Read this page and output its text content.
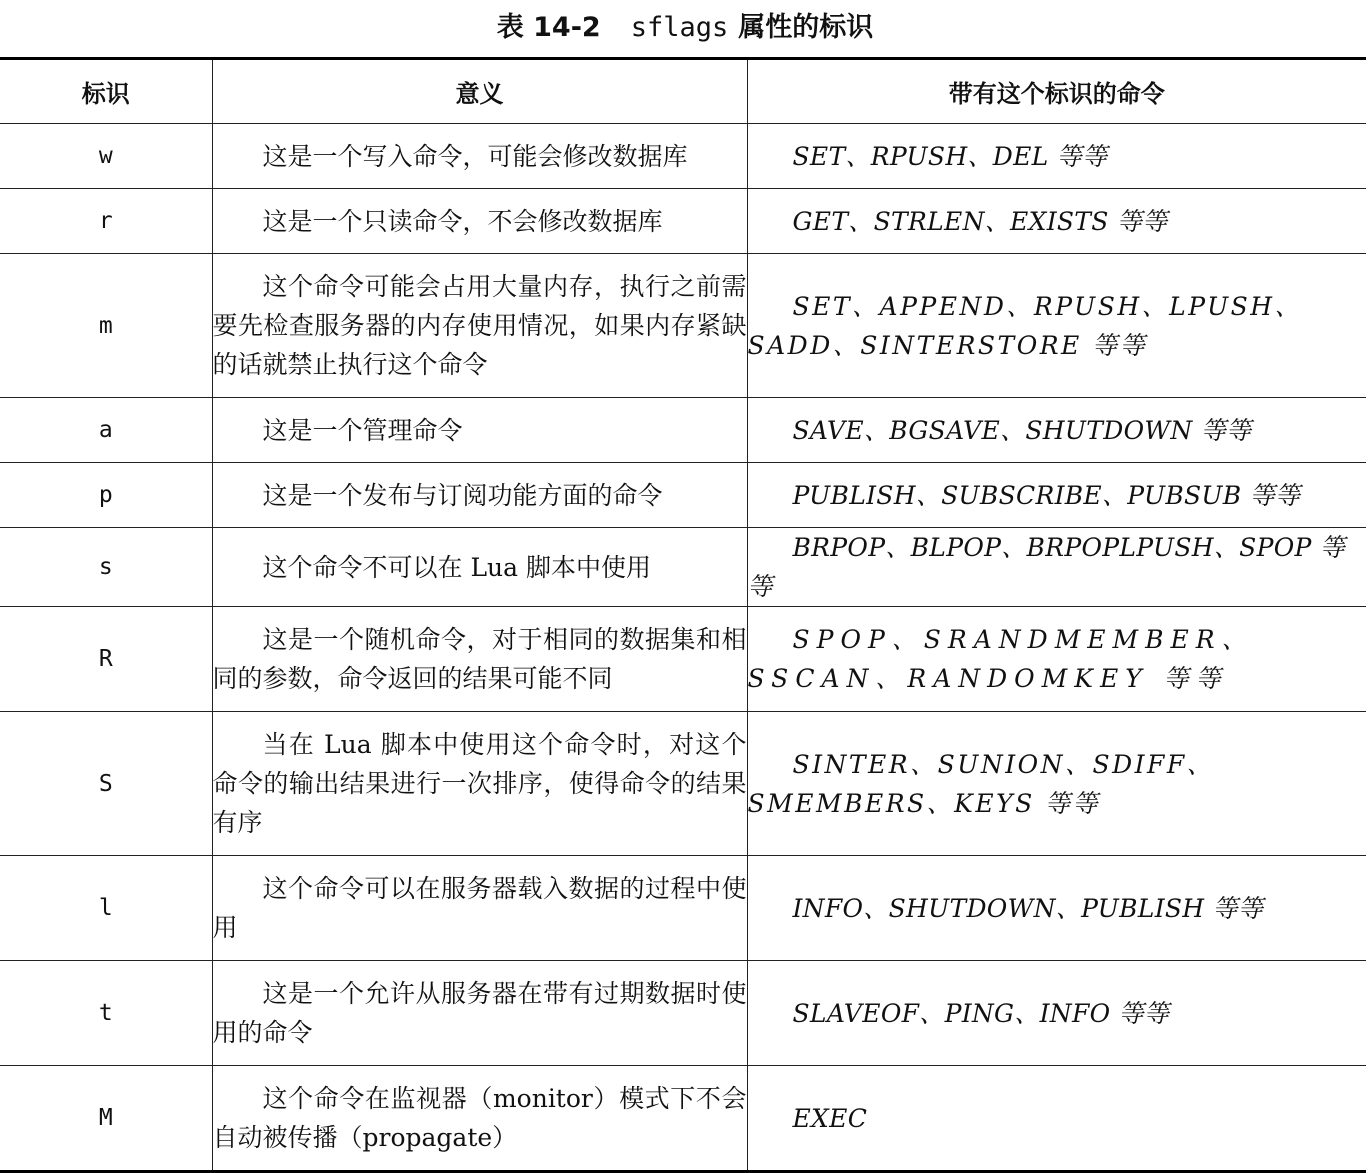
表 14-2 sflags 属性的标识
标识	意义	带有这个标识的命令
w	这是一个写入命令，可能会修改数据库	SET、RPUSH、DEL 等等
r	这是一个只读命令，不会修改数据库	GET、STRLEN、EXISTS 等等
m	这个命令可能会占用大量内存，执行之前需要先检查服务器的内存使用情况，如果内存紧缺的话就禁止执行这个命令	SET、APPEND、RPUSH、LPUSH、SADD、SINTERSTORE 等等
a	这是一个管理命令	SAVE、BGSAVE、SHUTDOWN 等等
p	这是一个发布与订阅功能方面的命令	PUBLISH、SUBSCRIBE、PUBSUB 等等
s	这个命令不可以在 Lua 脚本中使用	BRPOP、BLPOP、BRPOPLPUSH、SPOP 等等
R	这是一个随机命令，对于相同的数据集和相同的参数，命令返回的结果可能不同	SPOP、SRANDMEMBER、SSCAN、RANDOMKEY 等等
S	当在 Lua 脚本中使用这个命令时，对这个命令的输出结果进行一次排序，使得命令的结果有序	SINTER、SUNION、SDIFF、SMEMBERS、KEYS 等等
l	这个命令可以在服务器载入数据的过程中使用	INFO、SHUTDOWN、PUBLISH 等等
t	这是一个允许从服务器在带有过期数据时使用的命令	SLAVEOF、PING、INFO 等等
M	这个命令在监视器（monitor）模式下不会自动被传播（propagate）	EXEC
